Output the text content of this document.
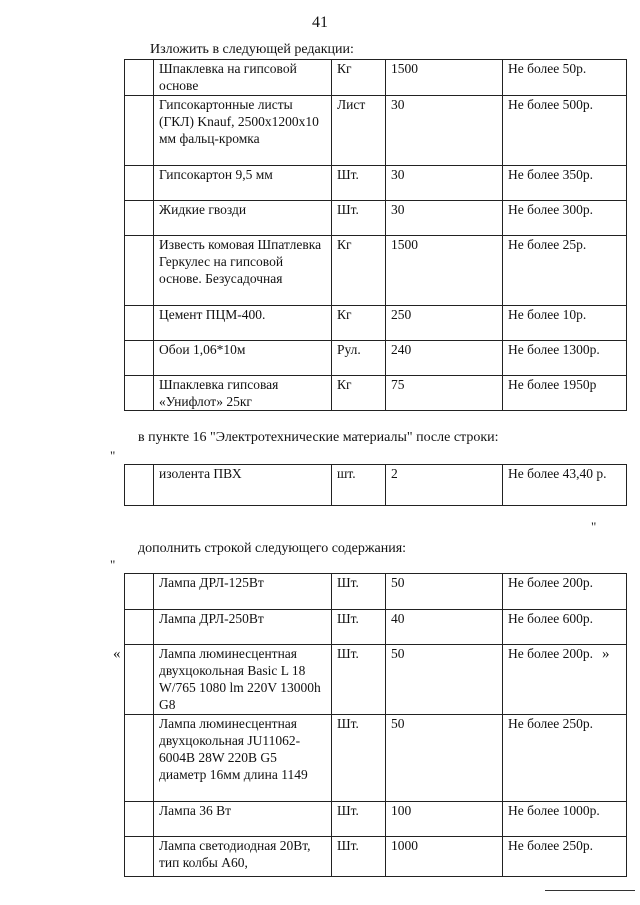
41
Изложить в следующей редакции:
	Шпаклевка на гипсовой основе	Кг	1500	Не более 50р.
	Гипсокартонные листы (ГКЛ) Knauf, 2500х1200х10 мм фальц-кромка	Лист	30	Не более 500р.
	Гипсокартон 9,5 мм	Шт.	30	Не более 350р.
	Жидкие гвозди	Шт.	30	Не более 300р.
	Известь комовая Шпатлевка Геркулес на гипсовой основе. Безусадочная	Кг	1500	Не более 25р.
	Цемент ПЦМ-400.	Кг	250	Не более 10р.
	Обои 1,06*10м	Рул.	240	Не более 1300р.
	Шпаклевка гипсовая «Унифлот» 25кг	Кг	75	Не более 1950р
в пункте 16 "Электротехнические материалы" после строки:
"
	изолента ПВХ	шт.	2	Не более 43,40 р.
"
дополнить строкой следующего содержания:
"
	Лампа ДРЛ-125Вт	Шт.	50	Не более 200р.
	Лампа ДРЛ-250Вт	Шт.	40	Не более 600р.
	Лампа люминесцентная двухцокольная Basic L 18 W/765 1080 lm 220V 13000h G8	Шт.	50	Не более 200р.
	Лампа люминесцентная двухцокольная JU11062-6004B 28W 220B G5 диаметр 16мм длина 1149	Шт.	50	Не более 250р.
	Лампа 36 Вт	Шт.	100	Не более 1000р.
	Лампа светодиодная 20Вт, тип колбы А60,	Шт.	1000	Не более 250р.
«	»
